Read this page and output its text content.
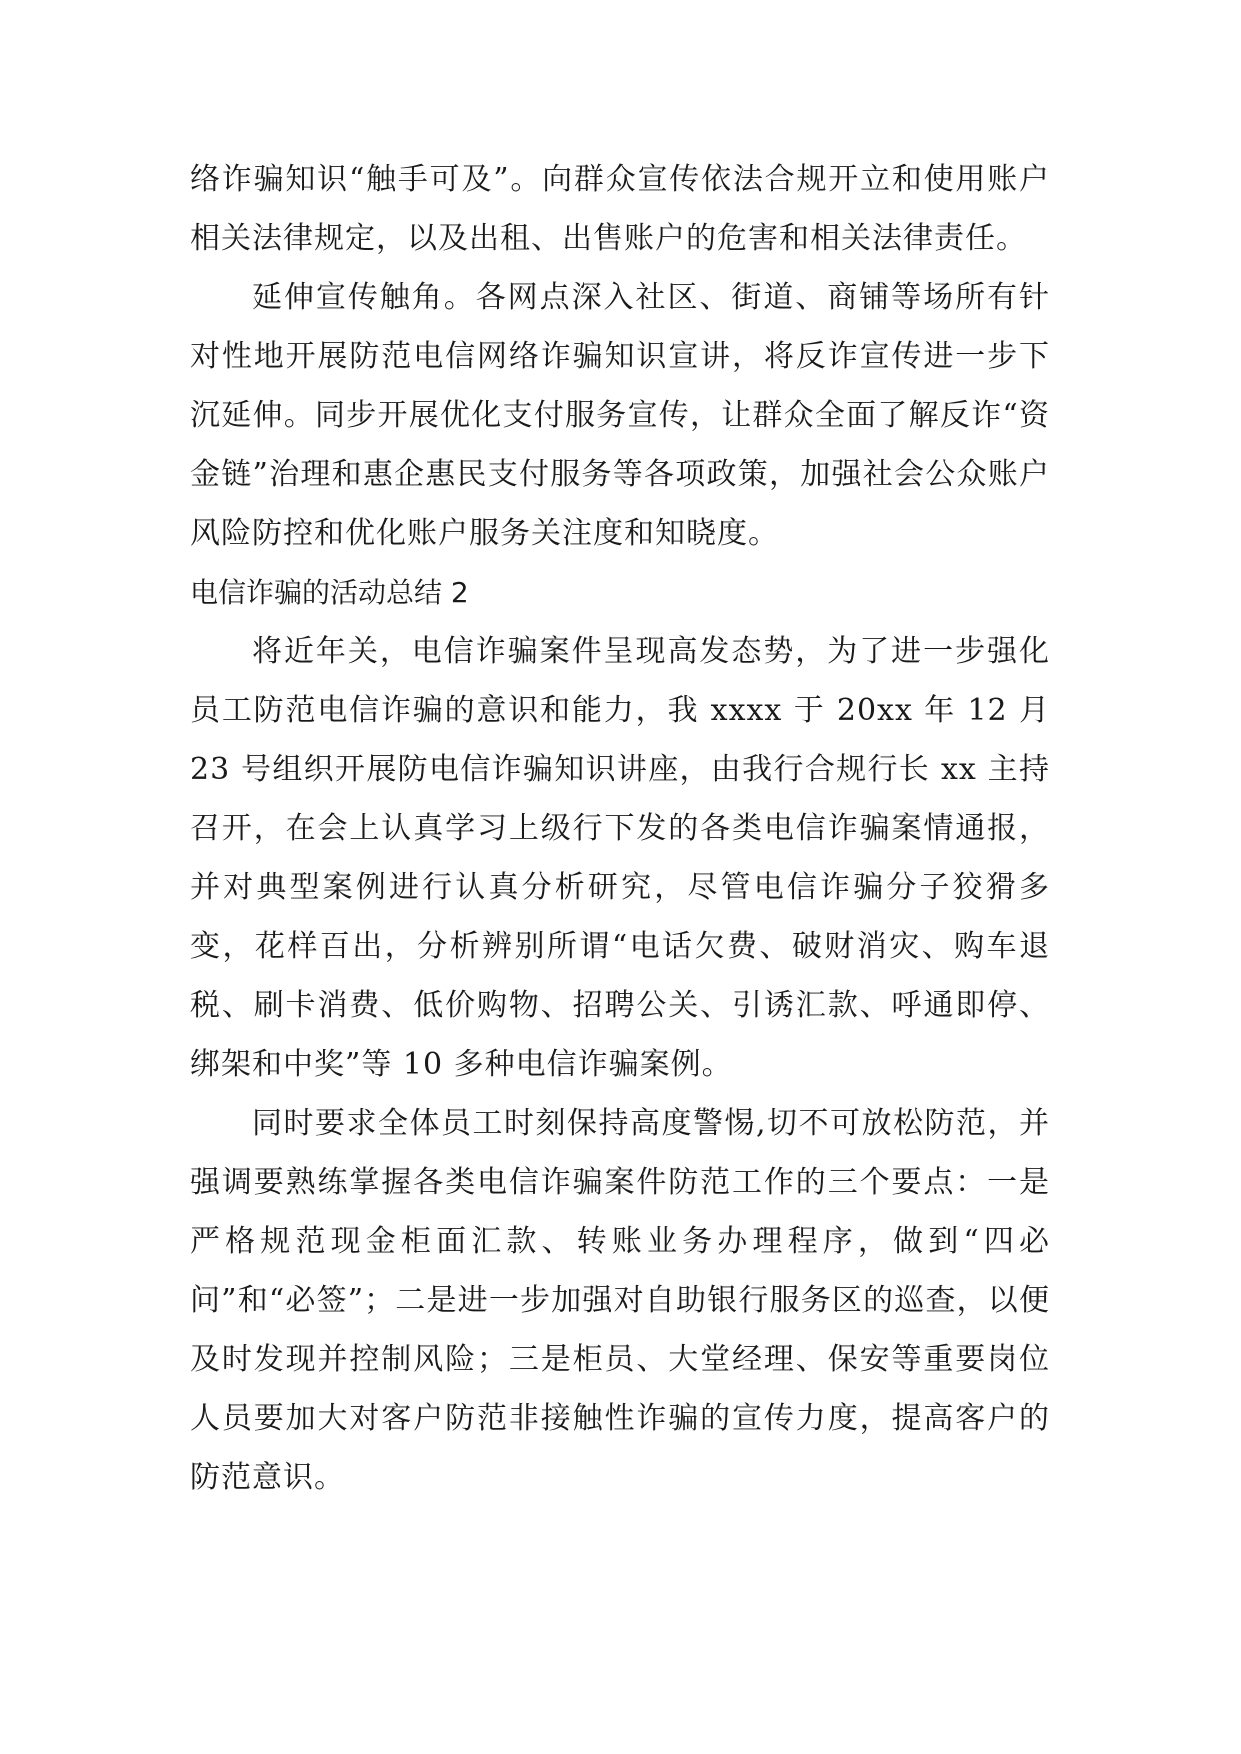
络诈骗知识“触手可及”。向群众宣传依法合规开立和使用账户相关法律规定，以及出租、出售账户的危害和相关法律责任。

延伸宣传触角。各网点深入社区、街道、商铺等场所有针对性地开展防范电信网络诈骗知识宣讲，将反诈宣传进一步下沉延伸。同步开展优化支付服务宣传，让群众全面了解反诈“资金链”治理和惠企惠民支付服务等各项政策，加强社会公众账户风险防控和优化账户服务关注度和知晓度。

电信诈骗的活动总结 2

将近年关，电信诈骗案件呈现高发态势，为了进一步强化员工防范电信诈骗的意识和能力，我 xxxx 于 20xx 年 12 月 23 号组织开展防电信诈骗知识讲座，由我行合规行长 xx 主持召开，在会上认真学习上级行下发的各类电信诈骗案情通报，并对典型案例进行认真分析研究，尽管电信诈骗分子狡猾多变，花样百出，分析辨别所谓“电话欠费、破财消灾、购车退税、刷卡消费、低价购物、招聘公关、引诱汇款、呼通即停、绑架和中奖”等 10 多种电信诈骗案例。

同时要求全体员工时刻保持高度警惕,切不可放松防范，并强调要熟练掌握各类电信诈骗案件防范工作的三个要点：一是严格规范现金柜面汇款、转账业务办理程序，做到“四必问”和“必签”；二是进一步加强对自助银行服务区的巡查，以便及时发现并控制风险；三是柜员、大堂经理、保安等重要岗位人员要加大对客户防范非接触性诈骗的宣传力度，提高客户的防范意识。
